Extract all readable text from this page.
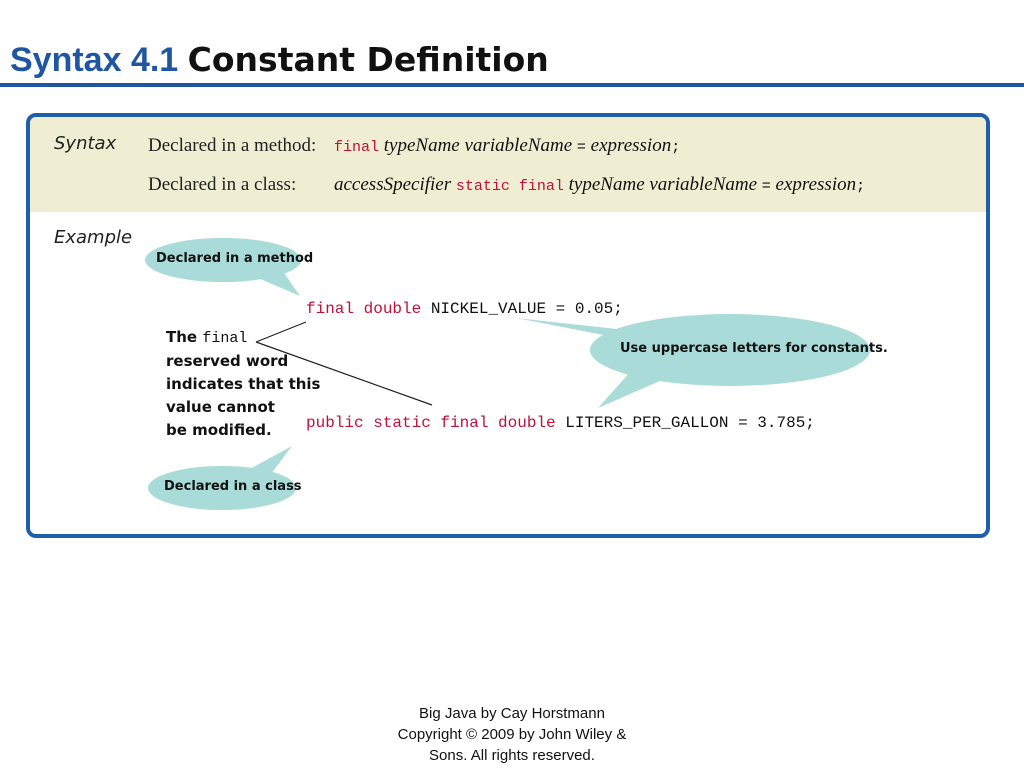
Syntax 4.1 Constant Definition
Syntax Declared in a method: final typeName variableName = expression;
Declared in a class: accessSpecifier static final typeName variableName = expression;
Example
Declared in a method
Use uppercase letters for constants.
Declared in a class
final double NICKEL_VALUE = 0.05;
public static final double LITERS_PER_GALLON = 3.785;
The final
reserved word
indicates that this
value cannot
be modified.
Big Java by Cay Horstmann
Copyright © 2009 by John Wiley &
Sons. All rights reserved.
